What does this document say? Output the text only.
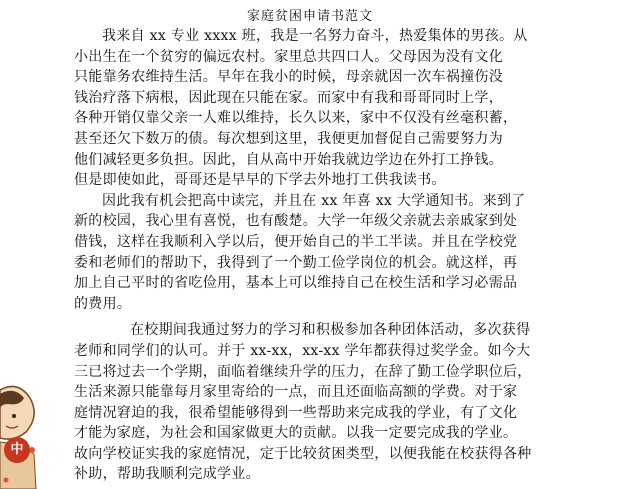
家庭贫困申请书范文

我来自 xx 专业 xxxx 班，我是一名努力奋斗，热爱集体的男孩。从
小出生在一个贫穷的偏远农村。家里总共四口人。父母因为没有文化
只能靠务农维持生活。早年在我小的时候，母亲就因一次车祸撞伤没
钱治疗落下病根，因此现在只能在家。而家中有我和哥哥同时上学，
各种开销仅靠父亲一人难以维持，长久以来，家中不仅没有丝毫积蓄，
甚至还欠下数万的债。每次想到这里，我便更加督促自己需要努力为
他们减轻更多负担。因此，自从高中开始我就边学边在外打工挣钱。
但是即使如此，哥哥还是早早的下学去外地打工供我读书。

因此我有机会把高中读完，并且在 xx 年喜 xx 大学通知书。来到了
新的校园，我心里有喜悦，也有酸楚。大学一年级父亲就去亲戚家到处
借钱，这样在我顺利入学以后，便开始自己的半工半读。并且在学校党
委和老师们的帮助下，我得到了一个勤工俭学岗位的机会。就这样，再
加上自己平时的省吃俭用，基本上可以维持自己在校生活和学习必需品
的费用。

在校期间我通过努力的学习和积极参加各种团体活动，多次获得
老师和同学们的认可。并于 xx-xx，xx-xx 学年都获得过奖学金。如今大
三已将过去一个学期，面临着继续升学的压力，在辞了勤工俭学职位后，
生活来源只能靠每月家里寄给的一点，而且还面临高额的学费。对于家
庭情况窘迫的我，很希望能够得到一些帮助来完成我的学业，有了文化
才能为家庭，为社会和国家做更大的贡献。以我一定要完成我的学业。
故向学校证实我的家庭情况，定于比较贫困类型，以便我能在校获得各种
补助，帮助我顺利完成学业。

中
